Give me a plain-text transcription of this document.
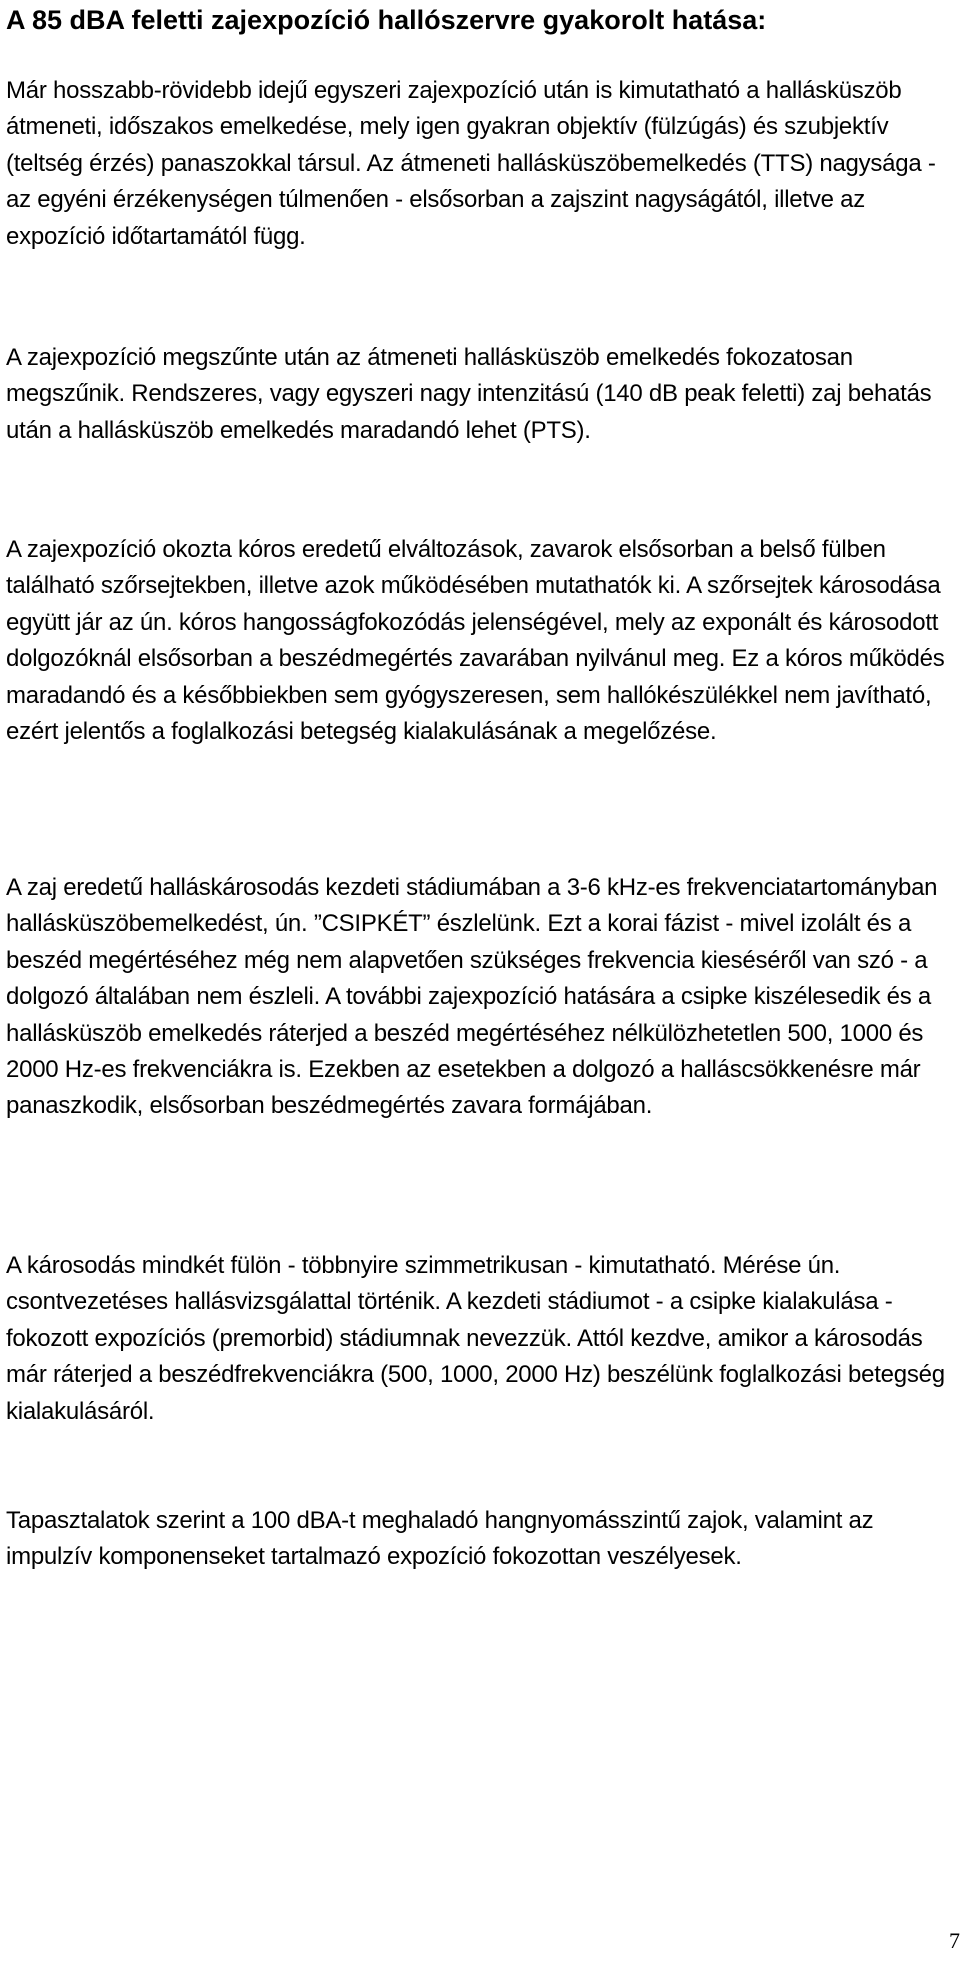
A 85 dBA feletti zajexpozíció hallószervre gyakorolt hatása:

Már hosszabb-rövidebb idejű egyszeri zajexpozíció után is kimutatható a hallásküszöb átmeneti, időszakos emelkedése, mely igen gyakran objektív (fülzúgás) és szubjektív (teltség érzés) panaszokkal társul. Az átmeneti hallásküszöbemelkedés (TTS) nagysága - az egyéni érzékenységen túlmenően - elsősorban a zajszint nagyságától, illetve az expozíció időtartamától függ.

A zajexpozíció megszűnte után az átmeneti hallásküszöb emelkedés fokozatosan megszűnik. Rendszeres, vagy egyszeri nagy intenzitású (140 dB peak feletti) zaj behatás után a hallásküszöb emelkedés maradandó lehet (PTS).

A zajexpozíció okozta kóros eredetű elváltozások, zavarok elsősorban a belső fülben található szőrsejtekben, illetve azok működésében mutathatók ki. A szőrsejtek károsodása együtt jár az ún. kóros hangosságfokozódás jelenségével, mely az exponált és károsodott dolgozóknál elsősorban a beszédmegértés zavarában nyilvánul meg. Ez a kóros működés maradandó és a későbbiekben sem gyógyszeresen, sem hallókészülékkel nem javítható, ezért jelentős a foglalkozási betegség kialakulásának a megelőzése.

A zaj eredetű halláskárosodás kezdeti stádiumában a 3-6 kHz-es frekvenciatartományban hallásküszöbemelkedést, ún. ”CSIPKÉT” észlelünk. Ezt a korai fázist - mivel izolált és a beszéd megértéséhez még nem alapvetően szükséges frekvencia kieséséről van szó - a dolgozó általában nem észleli. A további zajexpozíció hatására a csipke kiszélesedik és a hallásküszöb emelkedés ráterjed a beszéd megértéséhez nélkülözhetetlen 500, 1000 és 2000 Hz-es frekvenciákra is. Ezekben az esetekben a dolgozó a halláscsökkenésre már panaszkodik, elsősorban beszédmegértés zavara formájában.

A károsodás mindkét fülön - többnyire szimmetrikusan - kimutatható. Mérése ún. csontvezetéses hallásvizsgálattal történik. A kezdeti stádiumot - a csipke kialakulása - fokozott expozíciós (premorbid) stádiumnak nevezzük. Attól kezdve, amikor a károsodás már ráterjed a beszédfrekvenciákra (500, 1000, 2000 Hz) beszélünk foglalkozási betegség kialakulásáról.

Tapasztalatok szerint a 100 dBA-t meghaladó hangnyomásszintű zajok, valamint az impulzív komponenseket tartalmazó expozíció fokozottan veszélyesek.

7
